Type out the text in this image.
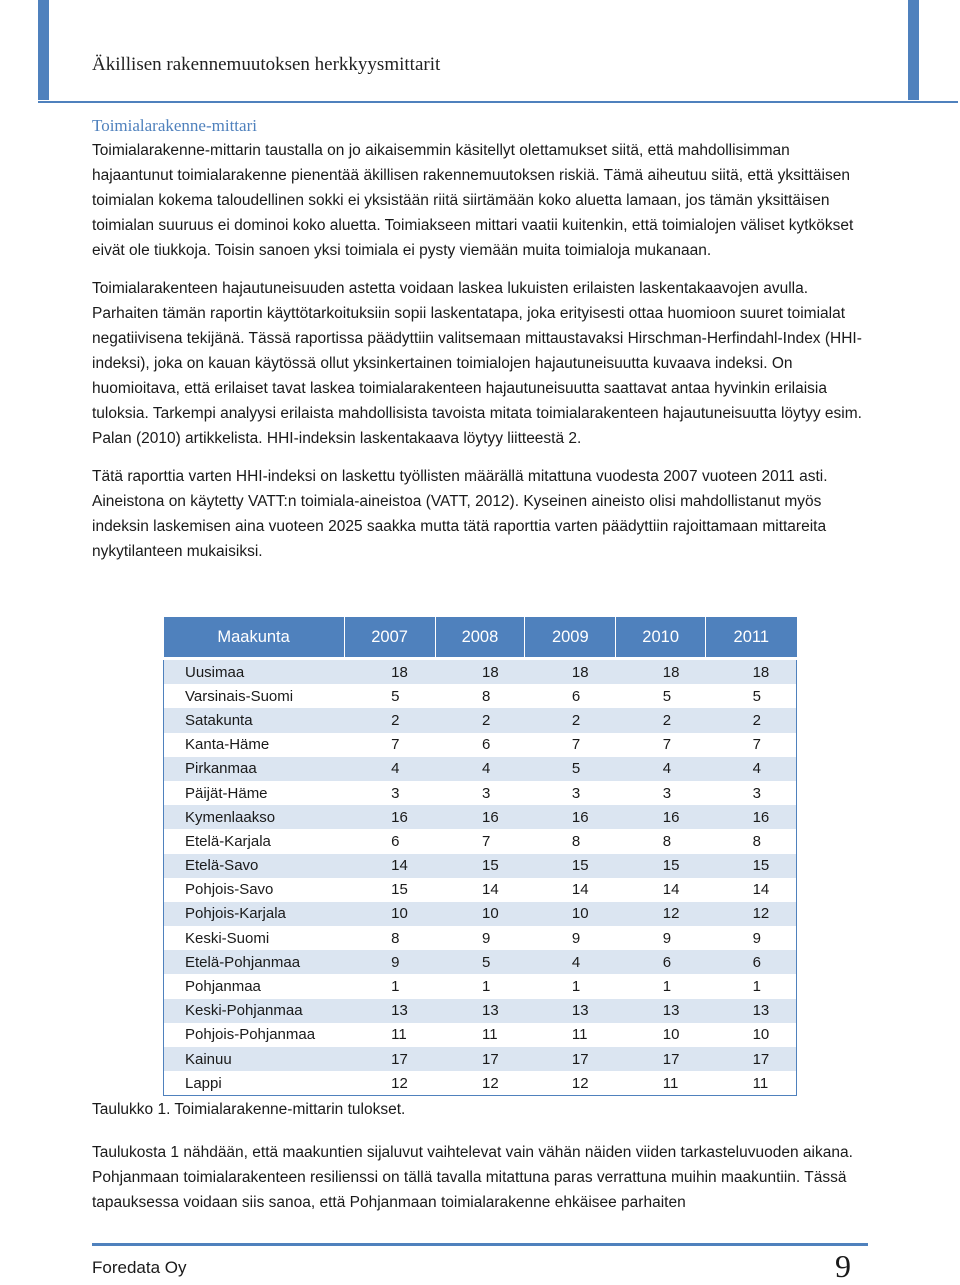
Äkillisen rakennemuutoksen herkkyysmittarit
Toimialarakenne-mittari

Toimialarakenne-mittarin taustalla on jo aikaisemmin käsitellyt olettamukset siitä, että mahdollisimman hajaantunut toimialarakenne pienentää äkillisen rakennemuutoksen riskiä. Tämä aiheutuu siitä, että yksittäisen toimialan kokema taloudellinen sokki ei yksistään riitä siirtämään koko aluetta lamaan, jos tämän yksittäisen toimialan suuruus ei dominoi koko aluetta. Toimiakseen mittari vaatii kuitenkin, että toimialojen väliset kytkökset eivät ole tiukkoja. Toisin sanoen yksi toimiala ei pysty viemään muita toimialoja mukanaan.

Toimialarakenteen hajautuneisuuden astetta voidaan laskea lukuisten erilaisten laskentakaavojen avulla. Parhaiten tämän raportin käyttötarkoituksiin sopii laskentatapa, joka erityisesti ottaa huomioon suuret toimialat negatiivisena tekijänä. Tässä raportissa päädyttiin valitsemaan mittaustavaksi Hirschman-Herfindahl-Index (HHI-indeksi), joka on kauan käytössä ollut yksinkertainen toimialojen hajautuneisuutta kuvaava indeksi. On huomioitava, että erilaiset tavat laskea toimialarakenteen hajautuneisuutta saattavat antaa hyvinkin erilaisia tuloksia. Tarkempi analyysi erilaista mahdollisista tavoista mitata toimialarakenteen hajautuneisuutta löytyy esim. Palan (2010) artikkelista. HHI-indeksin laskentakaava löytyy liitteestä 2.

Tätä raporttia varten HHI-indeksi on laskettu työllisten määrällä mitattuna vuodesta 2007 vuoteen 2011 asti. Aineistona on käytetty VATT:n toimiala-aineistoa (VATT, 2012). Kyseinen aineisto olisi mahdollistanut myös indeksin laskemisen aina vuoteen 2025 saakka mutta tätä raporttia varten päädyttiin rajoittamaan mittareita nykytilanteen mukaisiksi.

Maakunta	2007	2008	2009	2010	2011
Uusimaa	18	18	18	18	18
Varsinais-Suomi	5	8	6	5	5
Satakunta	2	2	2	2	2
Kanta-Häme	7	6	7	7	7
Pirkanmaa	4	4	5	4	4
Päijät-Häme	3	3	3	3	3
Kymenlaakso	16	16	16	16	16
Etelä-Karjala	6	7	8	8	8
Etelä-Savo	14	15	15	15	15
Pohjois-Savo	15	14	14	14	14
Pohjois-Karjala	10	10	10	12	12
Keski-Suomi	8	9	9	9	9
Etelä-Pohjanmaa	9	5	4	6	6
Pohjanmaa	1	1	1	1	1
Keski-Pohjanmaa	13	13	13	13	13
Pohjois-Pohjanmaa	11	11	11	10	10
Kainuu	17	17	17	17	17
Lappi	12	12	12	11	11
Taulukko 1. Toimialarakenne-mittarin tulokset.

Taulukosta 1 nähdään, että maakuntien sijaluvut vaihtelevat vain vähän näiden viiden tarkasteluvuoden aikana. Pohjanmaan toimialarakenteen resilienssi on tällä tavalla mitattuna paras verrattuna muihin maakuntiin. Tässä tapauksessa voidaan siis sanoa, että Pohjanmaan toimialarakenne ehkäisee parhaiten

Foredata Oy	9
